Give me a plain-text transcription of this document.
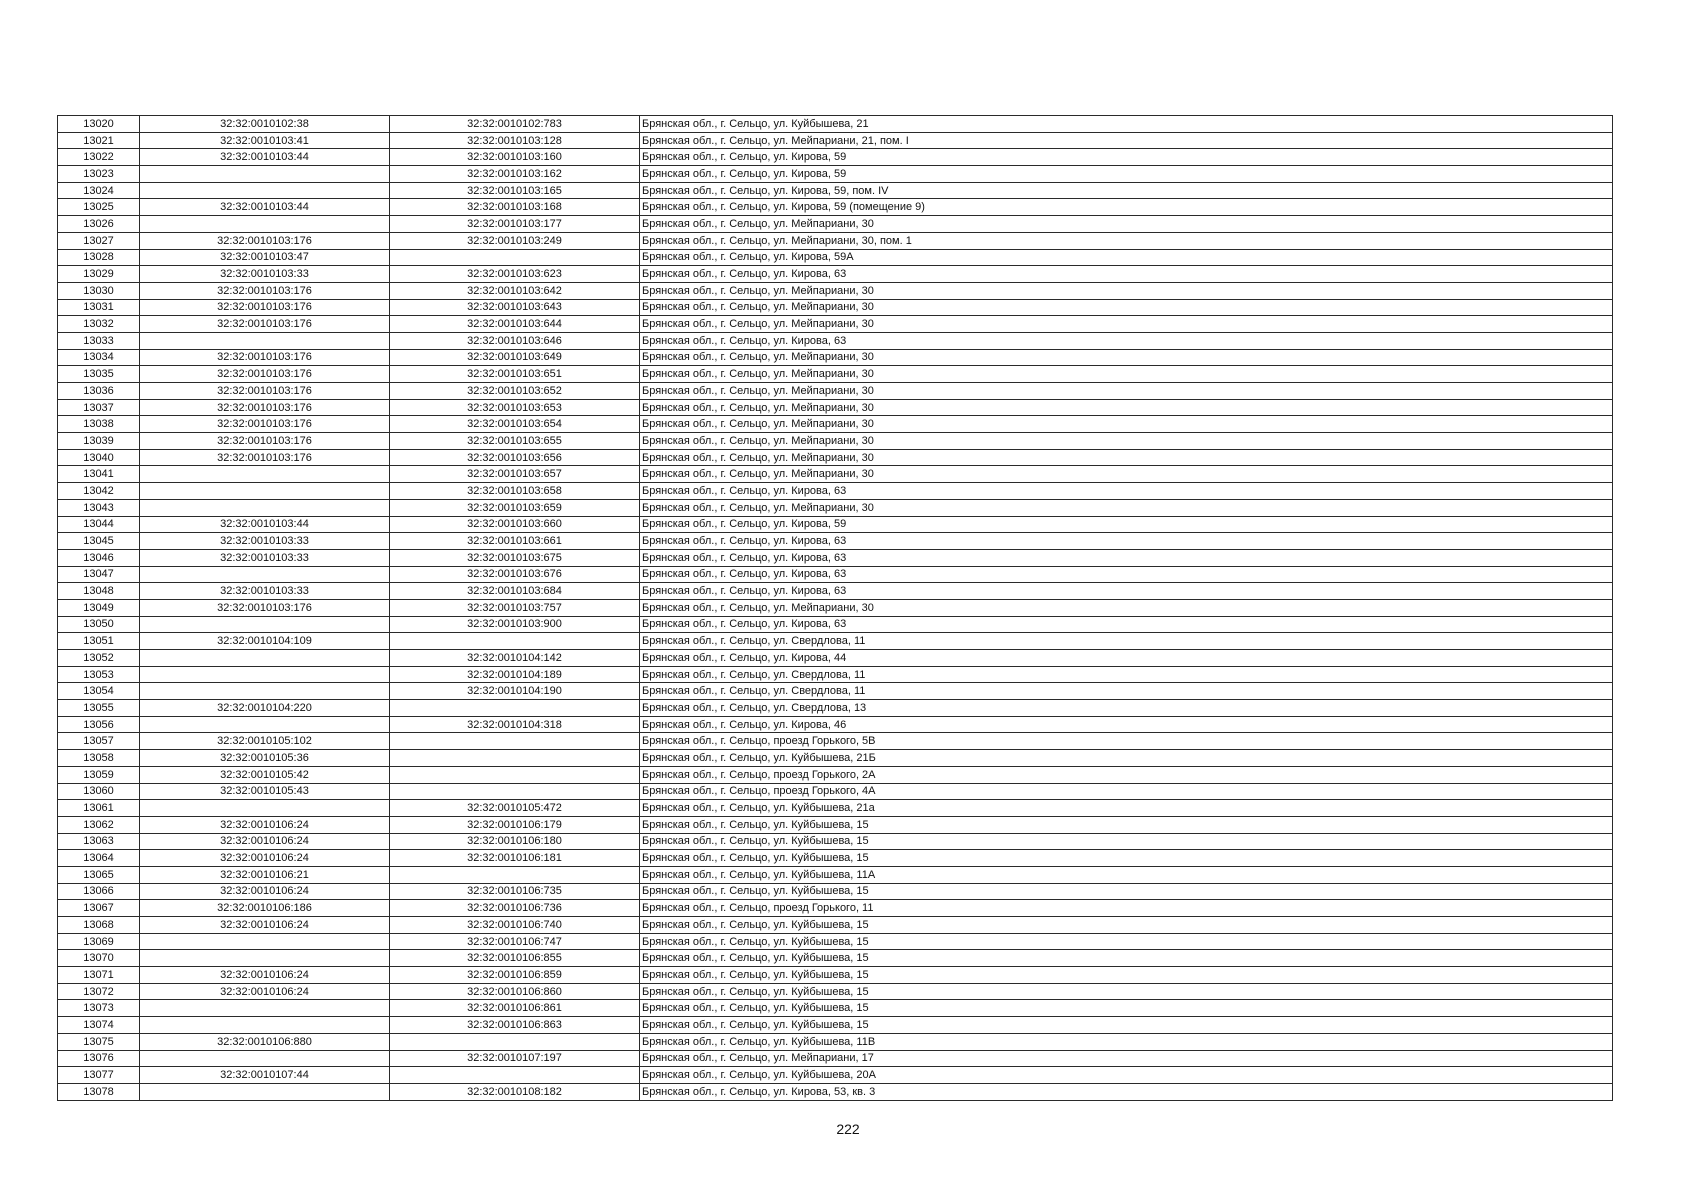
13020	32:32:0010102:38	32:32:0010102:783	Брянская обл., г. Сельцо, ул. Куйбышева, 21
13021	32:32:0010103:41	32:32:0010103:128	Брянская обл., г. Сельцо, ул. Мейпариани, 21, пом. I
13022	32:32:0010103:44	32:32:0010103:160	Брянская обл., г. Сельцо, ул. Кирова, 59
13023		32:32:0010103:162	Брянская обл., г. Сельцо, ул. Кирова, 59
13024		32:32:0010103:165	Брянская обл., г. Сельцо, ул. Кирова, 59, пом. IV
13025	32:32:0010103:44	32:32:0010103:168	Брянская обл., г. Сельцо, ул. Кирова, 59 (помещение 9)
13026		32:32:0010103:177	Брянская обл., г. Сельцо, ул. Мейпариани, 30
13027	32:32:0010103:176	32:32:0010103:249	Брянская обл., г. Сельцо, ул. Мейпариани, 30, пом. 1
13028	32:32:0010103:47		Брянская обл., г. Сельцо, ул. Кирова, 59А
13029	32:32:0010103:33	32:32:0010103:623	Брянская обл., г. Сельцо, ул. Кирова, 63
13030	32:32:0010103:176	32:32:0010103:642	Брянская обл., г. Сельцо, ул. Мейпариани, 30
13031	32:32:0010103:176	32:32:0010103:643	Брянская обл., г. Сельцо, ул. Мейпариани, 30
13032	32:32:0010103:176	32:32:0010103:644	Брянская обл., г. Сельцо, ул. Мейпариани, 30
13033		32:32:0010103:646	Брянская обл., г. Сельцо, ул. Кирова, 63
13034	32:32:0010103:176	32:32:0010103:649	Брянская обл., г. Сельцо, ул. Мейпариани, 30
13035	32:32:0010103:176	32:32:0010103:651	Брянская обл., г. Сельцо, ул. Мейпариани, 30
13036	32:32:0010103:176	32:32:0010103:652	Брянская обл., г. Сельцо, ул. Мейпариани, 30
13037	32:32:0010103:176	32:32:0010103:653	Брянская обл., г. Сельцо, ул. Мейпариани, 30
13038	32:32:0010103:176	32:32:0010103:654	Брянская обл., г. Сельцо, ул. Мейпариани, 30
13039	32:32:0010103:176	32:32:0010103:655	Брянская обл., г. Сельцо, ул. Мейпариани, 30
13040	32:32:0010103:176	32:32:0010103:656	Брянская обл., г. Сельцо, ул. Мейпариани, 30
13041		32:32:0010103:657	Брянская обл., г. Сельцо, ул. Мейпариани, 30
13042		32:32:0010103:658	Брянская обл., г. Сельцо, ул. Кирова, 63
13043		32:32:0010103:659	Брянская обл., г. Сельцо, ул. Мейпариани, 30
13044	32:32:0010103:44	32:32:0010103:660	Брянская обл., г. Сельцо, ул. Кирова, 59
13045	32:32:0010103:33	32:32:0010103:661	Брянская обл., г. Сельцо, ул. Кирова, 63
13046	32:32:0010103:33	32:32:0010103:675	Брянская обл., г. Сельцо, ул. Кирова, 63
13047		32:32:0010103:676	Брянская обл., г. Сельцо, ул. Кирова, 63
13048	32:32:0010103:33	32:32:0010103:684	Брянская обл., г. Сельцо, ул. Кирова, 63
13049	32:32:0010103:176	32:32:0010103:757	Брянская обл., г. Сельцо, ул. Мейпариани, 30
13050		32:32:0010103:900	Брянская обл., г. Сельцо, ул. Кирова, 63
13051	32:32:0010104:109		Брянская обл., г. Сельцо, ул. Свердлова, 11
13052		32:32:0010104:142	Брянская обл., г. Сельцо, ул. Кирова, 44
13053		32:32:0010104:189	Брянская обл., г. Сельцо, ул. Свердлова, 11
13054		32:32:0010104:190	Брянская обл., г. Сельцо, ул. Свердлова, 11
13055	32:32:0010104:220		Брянская обл., г. Сельцо, ул. Свердлова, 13
13056		32:32:0010104:318	Брянская обл., г. Сельцо, ул. Кирова, 46
13057	32:32:0010105:102		Брянская обл., г. Сельцо, проезд Горького, 5В
13058	32:32:0010105:36		Брянская обл., г. Сельцо, ул. Куйбышева, 21Б
13059	32:32:0010105:42		Брянская обл., г. Сельцо, проезд Горького, 2А
13060	32:32:0010105:43		Брянская обл., г. Сельцо, проезд Горького, 4А
13061		32:32:0010105:472	Брянская обл., г. Сельцо, ул. Куйбышева, 21а
13062	32:32:0010106:24	32:32:0010106:179	Брянская обл., г. Сельцо, ул. Куйбышева, 15
13063	32:32:0010106:24	32:32:0010106:180	Брянская обл., г. Сельцо, ул. Куйбышева, 15
13064	32:32:0010106:24	32:32:0010106:181	Брянская обл., г. Сельцо, ул. Куйбышева, 15
13065	32:32:0010106:21		Брянская обл., г. Сельцо, ул. Куйбышева, 11А
13066	32:32:0010106:24	32:32:0010106:735	Брянская обл., г. Сельцо, ул. Куйбышева, 15
13067	32:32:0010106:186	32:32:0010106:736	Брянская обл., г. Сельцо, проезд Горького, 11
13068	32:32:0010106:24	32:32:0010106:740	Брянская обл., г. Сельцо, ул. Куйбышева, 15
13069		32:32:0010106:747	Брянская обл., г. Сельцо, ул. Куйбышева, 15
13070		32:32:0010106:855	Брянская обл., г. Сельцо, ул. Куйбышева, 15
13071	32:32:0010106:24	32:32:0010106:859	Брянская обл., г. Сельцо, ул. Куйбышева, 15
13072	32:32:0010106:24	32:32:0010106:860	Брянская обл., г. Сельцо, ул. Куйбышева, 15
13073		32:32:0010106:861	Брянская обл., г. Сельцо, ул. Куйбышева, 15
13074		32:32:0010106:863	Брянская обл., г. Сельцо, ул. Куйбышева, 15
13075	32:32:0010106:880		Брянская обл., г. Сельцо, ул. Куйбышева, 11В
13076		32:32:0010107:197	Брянская обл., г. Сельцо, ул. Мейпариани, 17
13077	32:32:0010107:44		Брянская обл., г. Сельцо, ул. Куйбышева, 20А
13078		32:32:0010108:182	Брянская обл., г. Сельцо, ул. Кирова, 53, кв. 3
222
